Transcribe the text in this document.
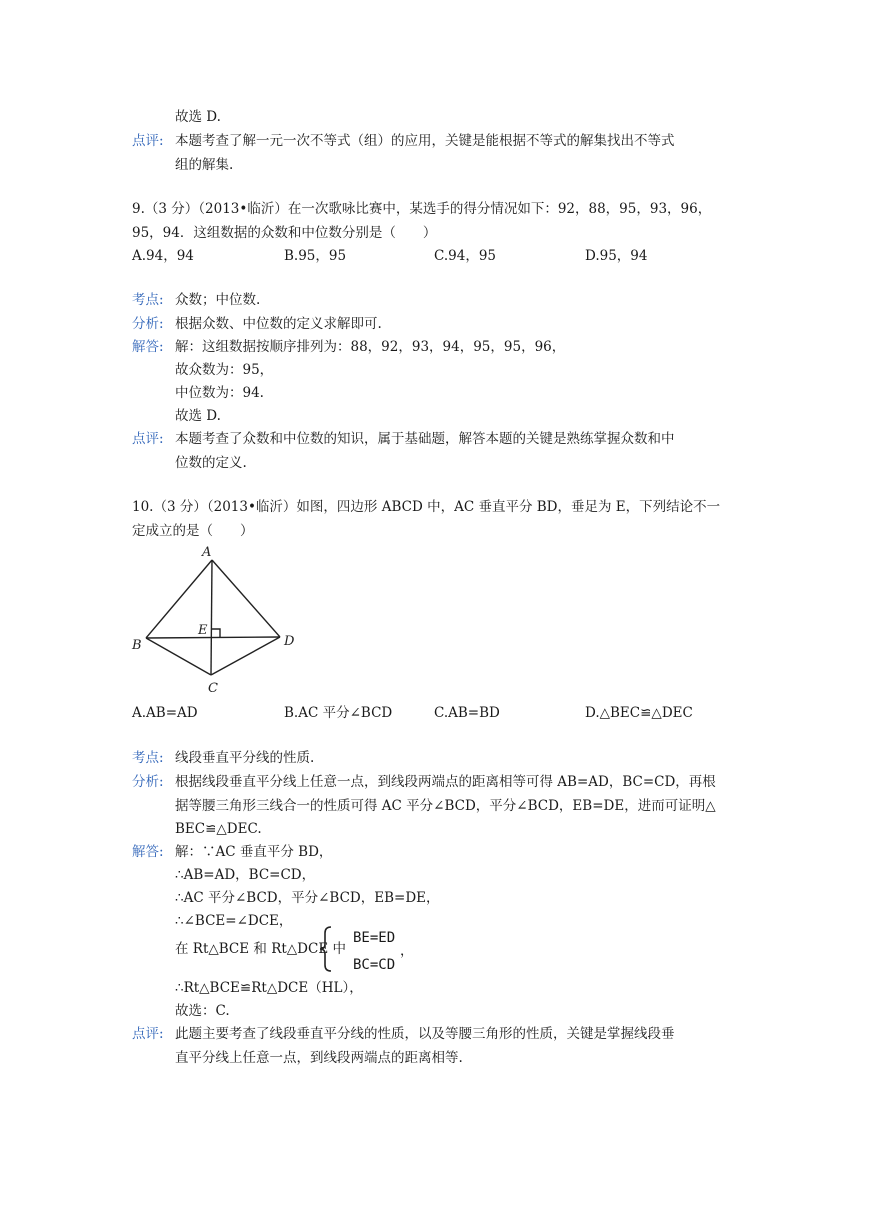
故选 D.
点评: 本题考查了解一元一次不等式（组）的应用，关键是能根据不等式的解集找出不等式
组的解集.
9.（3 分）（2013•临沂）在一次歌咏比赛中，某选手的得分情况如下：92，88，95，93，96，
95，94．这组数据的众数和中位数分别是（　　）
A.94，94	B.95，95	C.94，95	D.95，94
考点: 众数；中位数.
分析: 根据众数、中位数的定义求解即可.
解答: 解：这组数据按顺序排列为：88，92，93，94，95，95，96，
故众数为：95，
中位数为：94.
故选 D.
点评: 本题考查了众数和中位数的知识，属于基础题，解答本题的关键是熟练掌握众数和中
位数的定义.
10.（3 分）（2013•临沂）如图，四边形 ABCD 中，AC 垂直平分 BD，垂足为 E，下列结论不一
定成立的是（　　）
A
B
C
D
E
A.AB=AD	B.AC 平分∠BCD	C.AB=BD	D.△BEC≌△DEC
考点: 线段垂直平分线的性质.
分析: 根据线段垂直平分线上任意一点，到线段两端点的距离相等可得 AB=AD，BC=CD，再根
据等腰三角形三线合一的性质可得 AC 平分∠BCD，平分∠BCD，EB=DE，进而可证明△
BEC≌△DEC.
解答: 解：∵AC 垂直平分 BD，
∴AB=AD，BC=CD，
∴AC 平分∠BCD，平分∠BCD，EB=DE，
∴∠BCE=∠DCE，
在 Rt△BCE 和 Rt△DCE 中
BE=ED
BC=CD
，
∴Rt△BCE≌Rt△DCE（HL），
故选：C.
点评: 此题主要考查了线段垂直平分线的性质，以及等腰三角形的性质，关键是掌握线段垂
直平分线上任意一点，到线段两端点的距离相等.
